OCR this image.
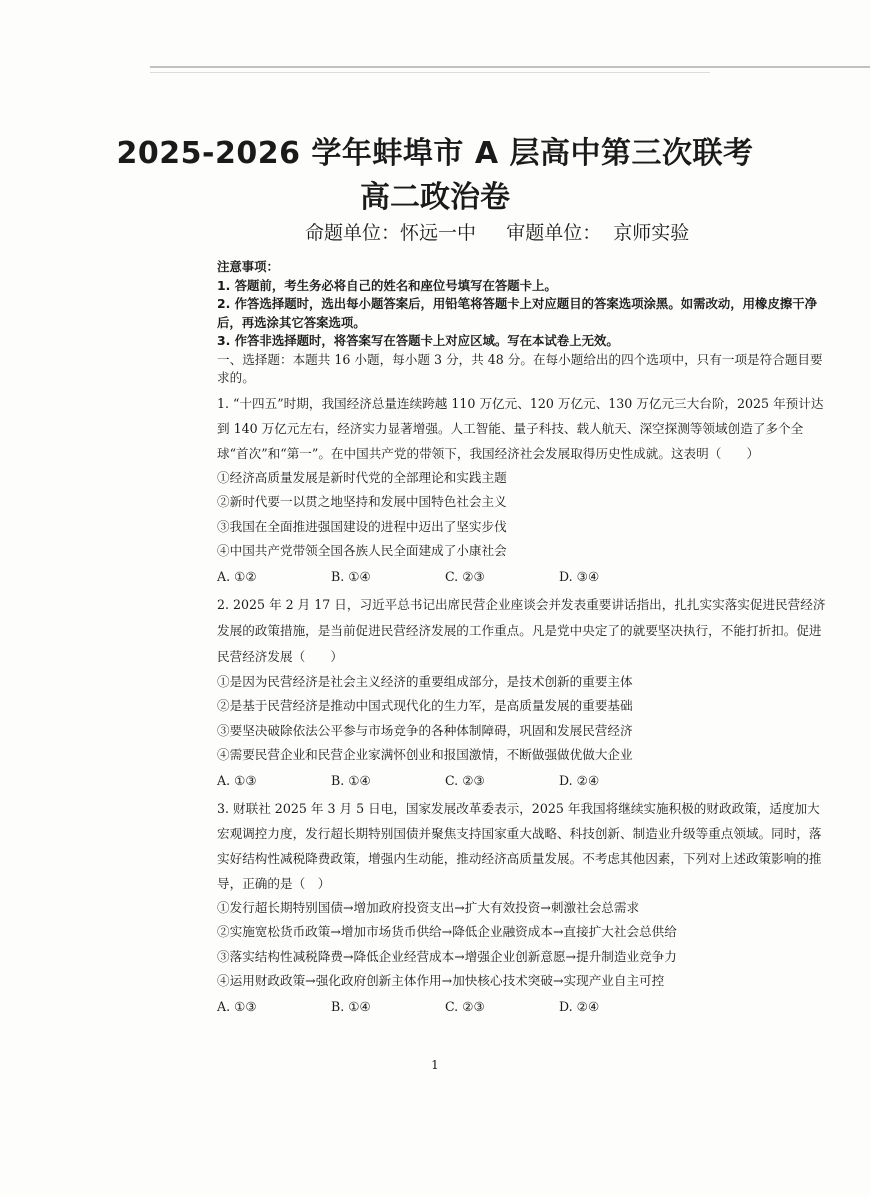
2025-2026 学年蚌埠市 A 层高中第三次联考
高二政治卷
命题单位：怀远一中 审题单位：  京师实验

注意事项：

1. 答题前，考生务必将自己的姓名和座位号填写在答题卡上。

2. 作答选择题时，选出每小题答案后，用铅笔将答题卡上对应题目的答案选项涂黑。如需改动，用橡皮擦干净后，再选涂其它答案选项。

3. 作答非选择题时，将答案写在答题卡上对应区域。写在本试卷上无效。

一、选择题：本题共 16 小题，每小题 3 分，共 48 分。在每小题给出的四个选项中，只有一项是符合题目要求的。

1. “十四五”时期，我国经济总量连续跨越 110 万亿元、120 万亿元、130 万亿元三大台阶，2025 年预计达到 140 万亿元左右，经济实力显著增强。人工智能、量子科技、载人航天、深空探测等领域创造了多个全球“首次”和“第一”。在中国共产党的带领下，我国经济社会发展取得历史性成就。这表明（　　）

①经济高质量发展是新时代党的全部理论和实践主题

②新时代要一以贯之地坚持和发展中国特色社会主义

③我国在全面推进强国建设的进程中迈出了坚实步伐

④中国共产党带领全国各族人民全面建成了小康社会

A. ①②	B. ①④	C. ②③	D. ③④

2. 2025 年 2 月 17 日，习近平总书记出席民营企业座谈会并发表重要讲话指出，扎扎实实落实促进民营经济发展的政策措施，是当前促进民营经济发展的工作重点。凡是党中央定了的就要坚决执行，不能打折扣。促进民营经济发展（　　）

①是因为民营经济是社会主义经济的重要组成部分，是技术创新的重要主体

②是基于民营经济是推动中国式现代化的生力军，是高质量发展的重要基础

③要坚决破除依法公平参与市场竞争的各种体制障碍，巩固和发展民营经济

④需要民营企业和民营企业家满怀创业和报国激情，不断做强做优做大企业

A. ①③	B. ①④	C. ②③	D. ②④

3. 财联社 2025 年 3 月 5 日电，国家发展改革委表示，2025 年我国将继续实施积极的财政政策，适度加大宏观调控力度，发行超长期特别国债并聚焦支持国家重大战略、科技创新、制造业升级等重点领域。同时，落实好结构性减税降费政策，增强内生动能，推动经济高质量发展。不考虑其他因素，下列对上述政策影响的推导，正确的是（　）

①发行超长期特别国债→增加政府投资支出→扩大有效投资→刺激社会总需求

②实施宽松货币政策→增加市场货币供给→降低企业融资成本→直接扩大社会总供给

③落实结构性减税降费→降低企业经营成本→增强企业创新意愿→提升制造业竞争力

④运用财政政策→强化政府创新主体作用→加快核心技术突破→实现产业自主可控

A. ①③	B. ①④	C. ②③	D. ②④
1
